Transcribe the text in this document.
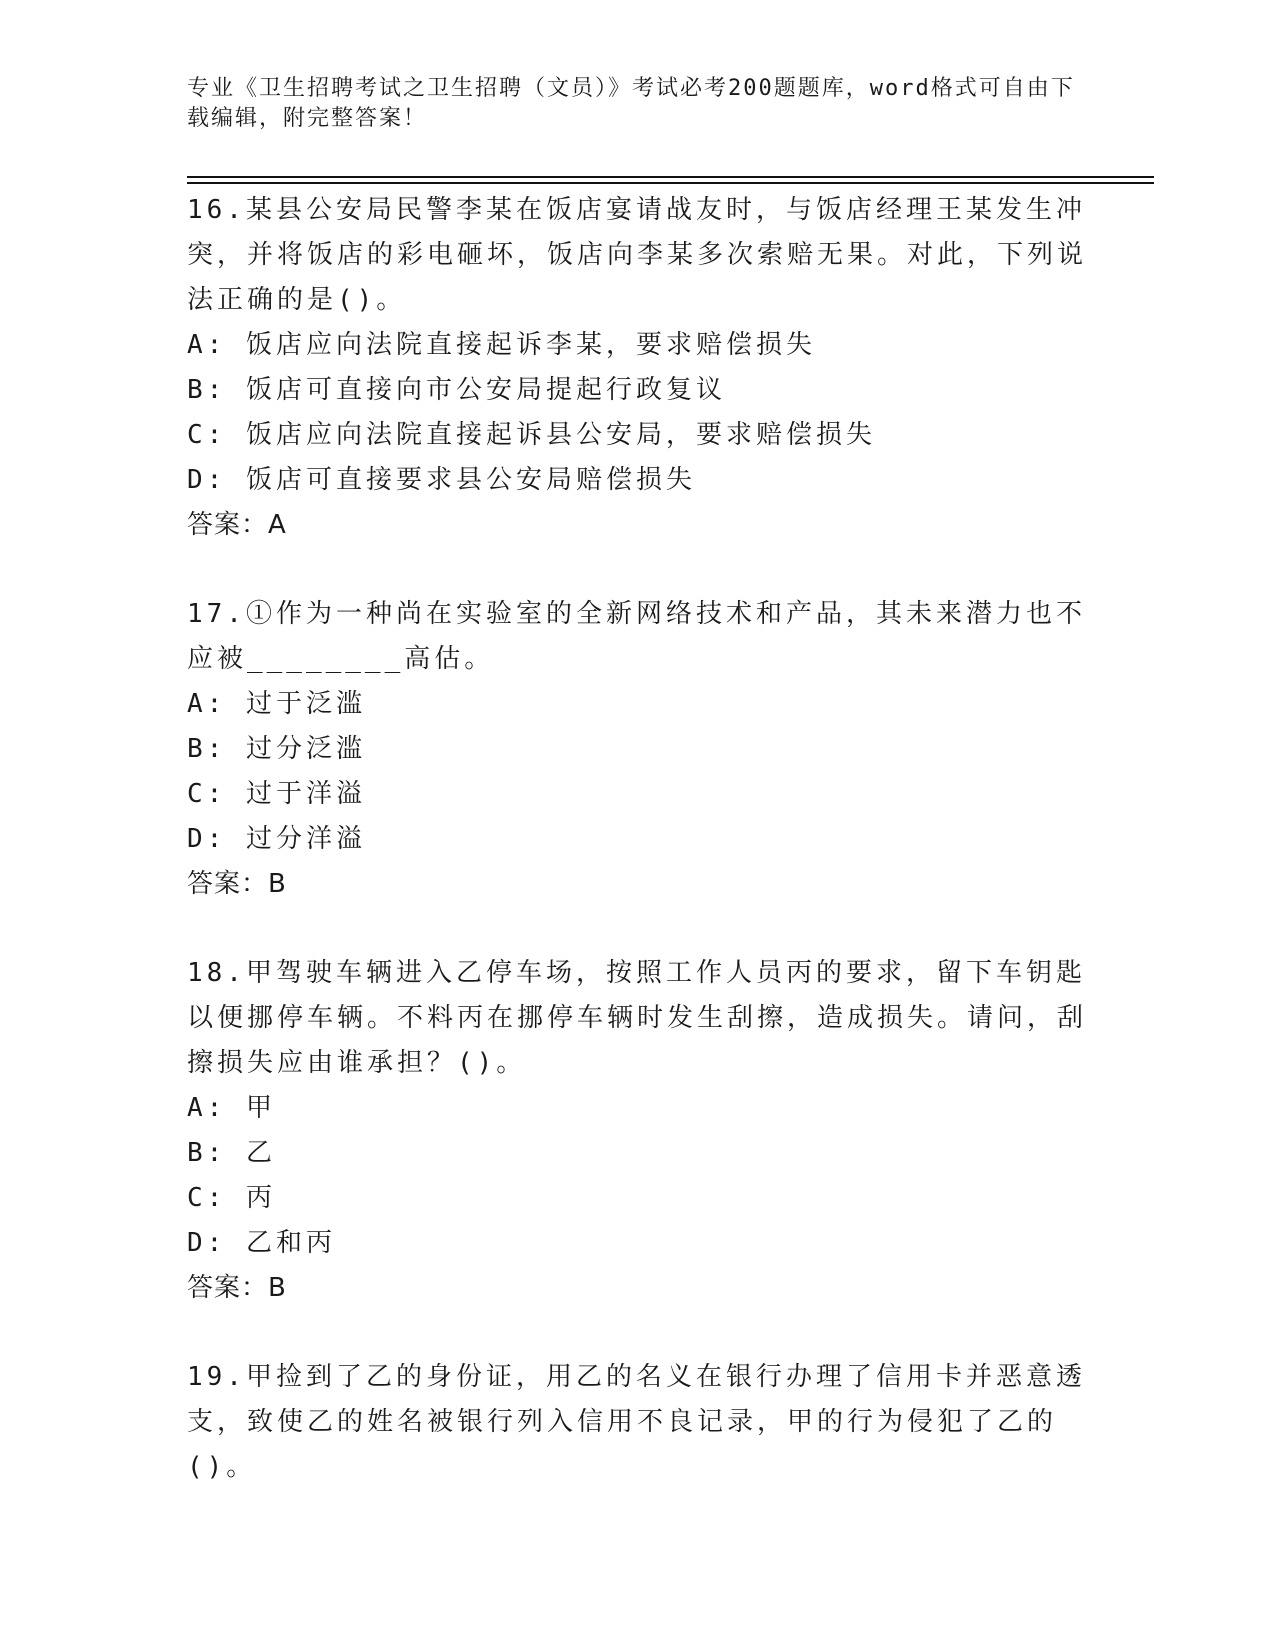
专业《卫生招聘考试之卫生招聘（文员）》考试必考200题题库，word格式可自由下载编辑，附完整答案！

16.某县公安局民警李某在饭店宴请战友时，与饭店经理王某发生冲突，并将饭店的彩电砸坏，饭店向李某多次索赔无果。对此，下列说法正确的是()。

A: 饭店应向法院直接起诉李某，要求赔偿损失

B: 饭店可直接向市公安局提起行政复议

C: 饭店应向法院直接起诉县公安局，要求赔偿损失

D: 饭店可直接要求县公安局赔偿损失

答案：A

17.①作为一种尚在实验室的全新网络技术和产品，其未来潜力也不应被________高估。

A: 过于泛滥

B: 过分泛滥

C: 过于洋溢

D: 过分洋溢

答案：B

18.甲驾驶车辆进入乙停车场，按照工作人员丙的要求，留下车钥匙以便挪停车辆。不料丙在挪停车辆时发生刮擦，造成损失。请问，刮擦损失应由谁承担？()。

A: 甲

B: 乙

C: 丙

D: 乙和丙

答案：B

19.甲捡到了乙的身份证，用乙的名义在银行办理了信用卡并恶意透支，致使乙的姓名被银行列入信用不良记录，甲的行为侵犯了乙的()。
